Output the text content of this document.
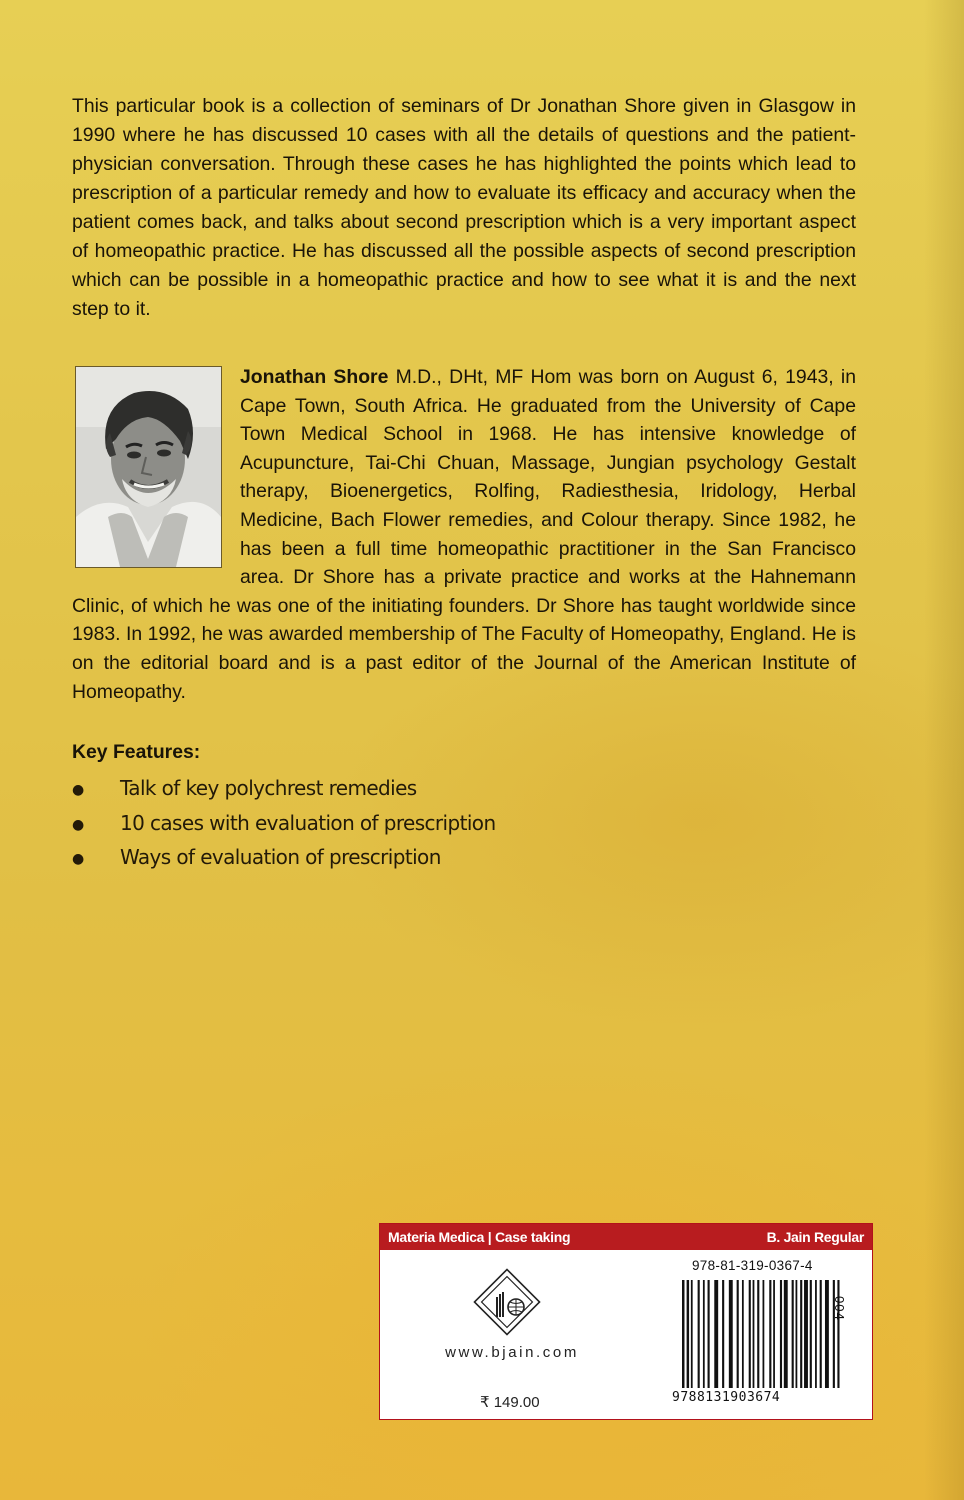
This particular book is a collection of seminars of Dr Jonathan Shore given in Glasgow in 1990 where he has discussed 10 cases with all the details of questions and the patient-physician conversation. Through these cases he has highlighted the points which lead to prescription of a particular remedy and how to evaluate its efficacy and accuracy when the patient comes back, and talks about second prescription which is a very important aspect of homeopathic practice. He has discussed all the possible aspects of second prescription which can be possible in a homeopathic practice and how to see what it is and the next step to it.

Jonathan Shore M.D., DHt, MF Hom was born on August 6, 1943, in Cape Town, South Africa. He graduated from the University of Cape Town Medical School in 1968. He has intensive knowledge of Acupuncture, Tai-Chi Chuan, Massage, Jungian psychology Gestalt therapy, Bioenergetics, Rolfing, Radiesthesia, Iridology, Herbal Medicine, Bach Flower remedies, and Colour therapy. Since 1982, he has been a full time homeopathic practitioner in the San Francisco area. Dr Shore has a private practice and works at the Hahnemann Clinic, of which he was one of the initiating founders. Dr Shore has taught worldwide since 1983. In 1992, he was awarded membership of The Faculty of Homeopathy, England. He is on the editorial board and is a past editor of the Journal of the American Institute of Homeopathy.

Key Features:
● Talk of key polychrest remedies
● 10 cases with evaluation of prescription
● Ways of evaluation of prescription
Materia Medica | Case taking	B. Jain Regular
www.bjain.com
₹ 149.00
978-81-319-0367-4
004
9788131903674
